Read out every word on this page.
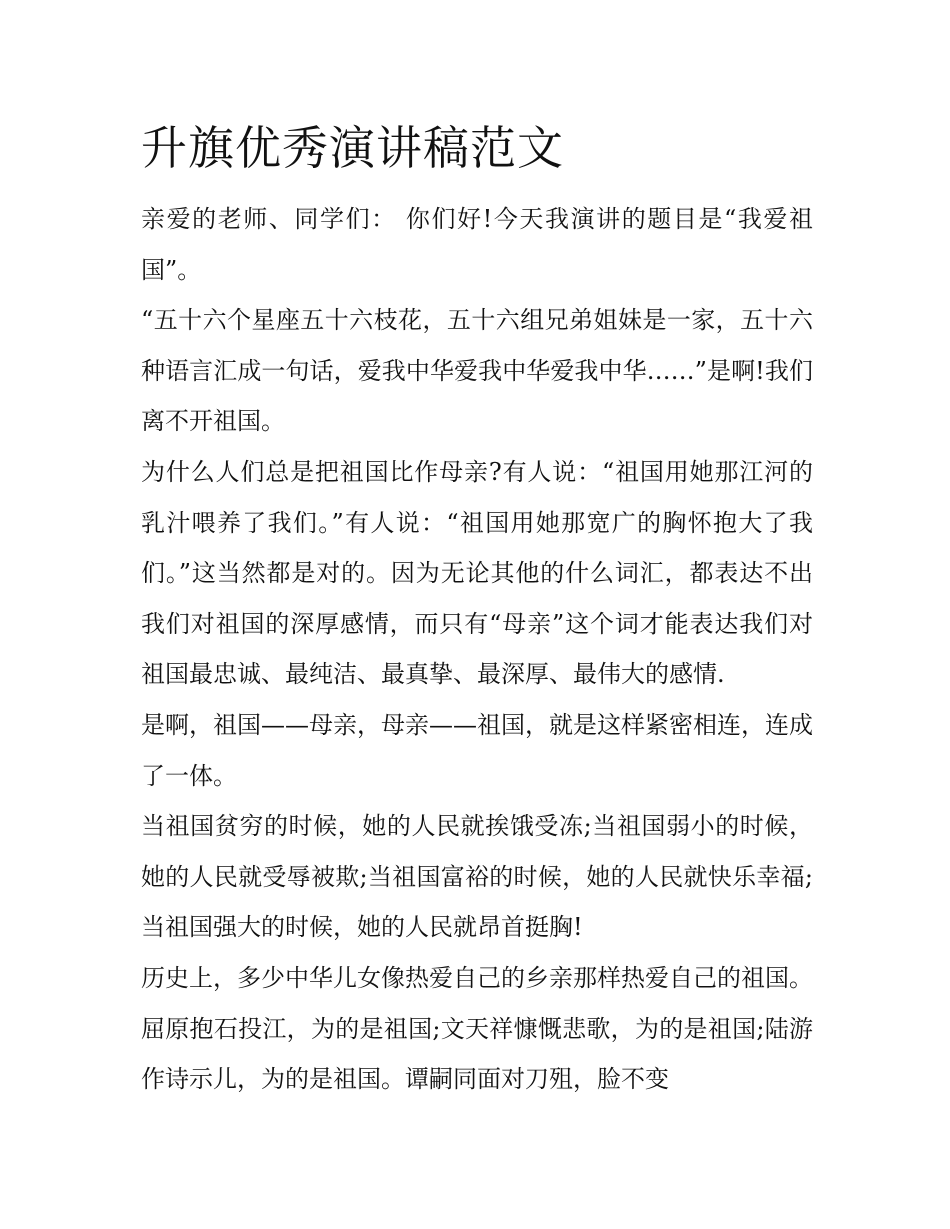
升旗优秀演讲稿范文

亲爱的老师、同学们： 你们好!今天我演讲的题目是“我爱祖国”。

“五十六个星座五十六枝花，五十六组兄弟姐妹是一家，五十六种语言汇成一句话，爱我中华爱我中华爱我中华……”是啊!我们离不开祖国。

为什么人们总是把祖国比作母亲?有人说：“祖国用她那江河的乳汁喂养了我们。”有人说：“祖国用她那宽广的胸怀抱大了我们。”这当然都是对的。因为无论其他的什么词汇，都表达不出我们对祖国的深厚感情，而只有“母亲”这个词才能表达我们对祖国最忠诚、最纯洁、最真挚、最深厚、最伟大的感情.

是啊，祖国——母亲，母亲——祖国，就是这样紧密相连，连成了一体。

当祖国贫穷的时候，她的人民就挨饿受冻;当祖国弱小的时候，她的人民就受辱被欺;当祖国富裕的时候，她的人民就快乐幸福;当祖国强大的时候，她的人民就昂首挺胸!

历史上，多少中华儿女像热爱自己的乡亲那样热爱自己的祖国。屈原抱石投江，为的是祖国;文天祥慷慨悲歌，为的是祖国;陆游作诗示儿，为的是祖国。谭嗣同面对刀殂，脸不变
